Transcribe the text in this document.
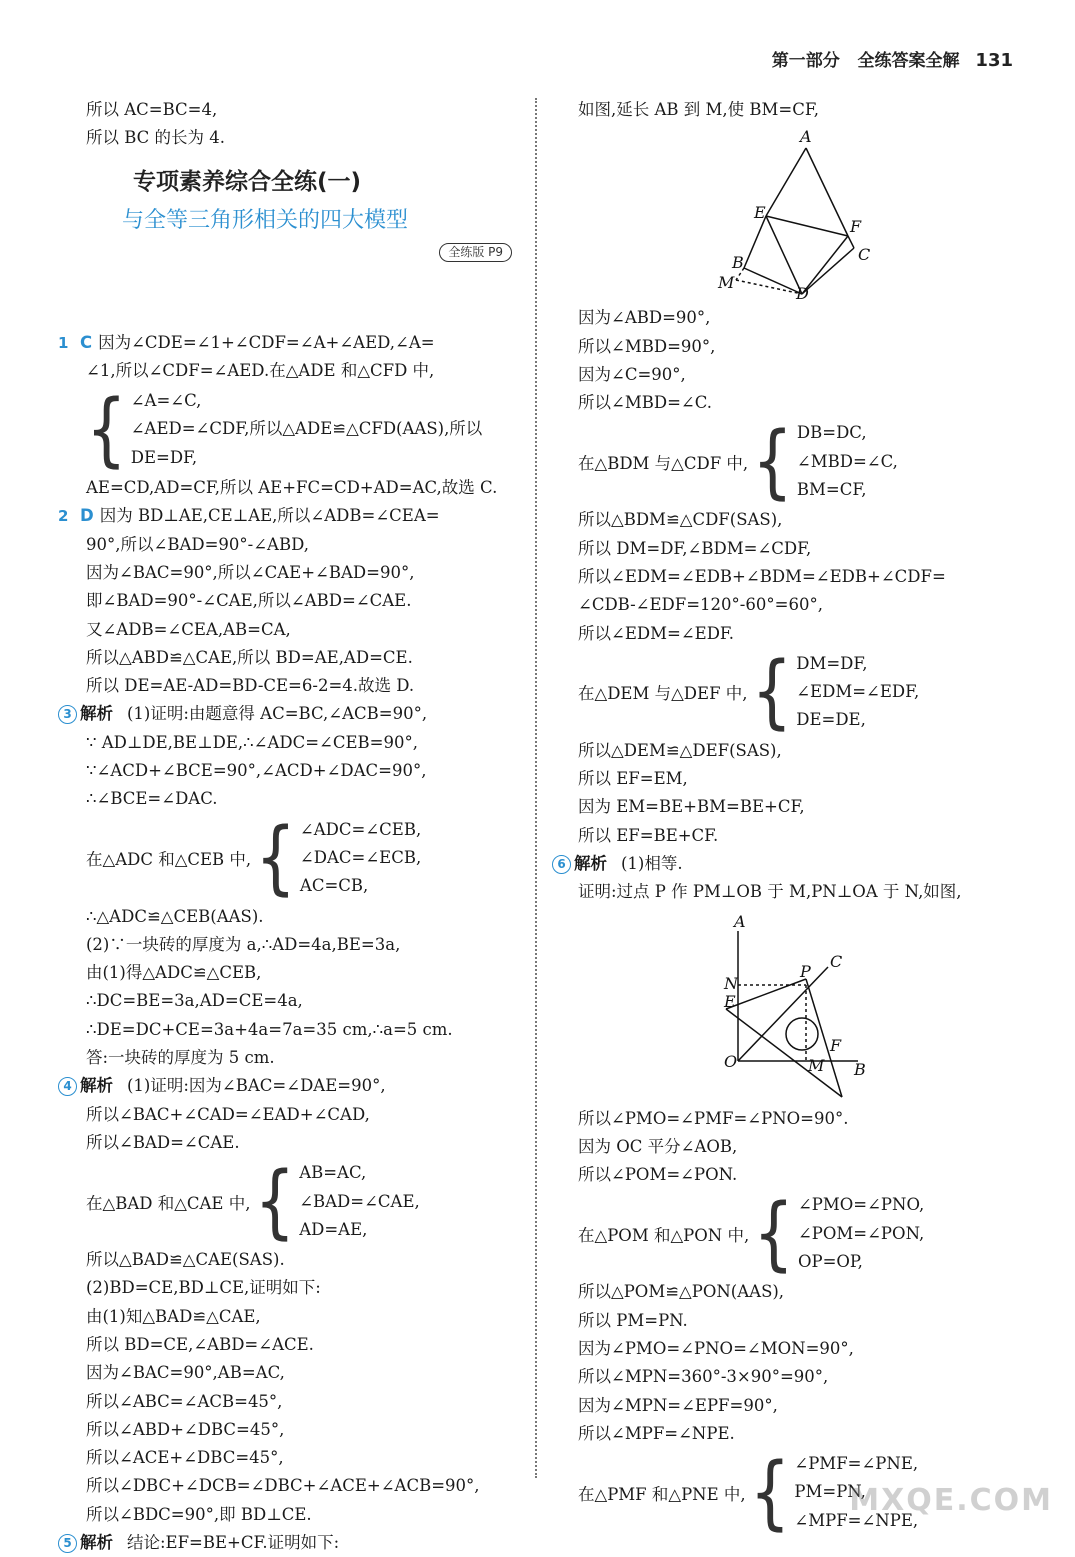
第一部分 全练答案全解 131
所以 AC=BC=4,
所以 BC 的长为 4.
专项素养综合全练(一)
与全等三角形相关的四大模型
全练版 P9
1 C 因为∠CDE=∠1+∠CDF=∠A+∠AED,∠A=
∠1,所以∠CDF=∠AED.在△ADE 和△CFD 中,
{ ∠A=∠C,
∠AED=∠CDF,所以△ADE≌△CFD(AAS),所以
DE=DF,
AE=CD,AD=CF,所以 AE+FC=CD+AD=AC,故选 C.
2 D 因为 BD⊥AE,CE⊥AE,所以∠ADB=∠CEA=
90°,所以∠BAD=90°-∠ABD,
因为∠BAC=90°,所以∠CAE+∠BAD=90°,
即∠BAD=90°-∠CAE,所以∠ABD=∠CAE.
又∠ADB=∠CEA,AB=CA,
所以△ABD≌△CAE,所以 BD=AE,AD=CE.
所以 DE=AE-AD=BD-CE=6-2=4.故选 D.
3 解析 (1)证明:由题意得 AC=BC,∠ACB=90°,
∵ AD⊥DE,BE⊥DE,∴∠ADC=∠CEB=90°,
∵∠ACD+∠BCE=90°,∠ACD+∠DAC=90°,
∴∠BCE=∠DAC.
在△ADC 和△CEB 中, { ∠ADC=∠CEB,
∠DAC=∠ECB,
AC=CB,
∴△ADC≌△CEB(AAS).
(2)∵一块砖的厚度为 a,∴AD=4a,BE=3a,
由(1)得△ADC≌△CEB,
∴DC=BE=3a,AD=CE=4a,
∴DE=DC+CE=3a+4a=7a=35 cm,∴a=5 cm.
答:一块砖的厚度为 5 cm.
4 解析 (1)证明:因为∠BAC=∠DAE=90°,
所以∠BAC+∠CAD=∠EAD+∠CAD,
所以∠BAD=∠CAE.
在△BAD 和△CAE 中, { AB=AC,
∠BAD=∠CAE,
AD=AE,
所以△BAD≌△CAE(SAS).
(2)BD=CE,BD⊥CE,证明如下:
由(1)知△BAD≌△CAE,
所以 BD=CE,∠ABD=∠ACE.
因为∠BAC=90°,AB=AC,
所以∠ABC=∠ACB=45°,
所以∠ABD+∠DBC=45°,
所以∠ACE+∠DBC=45°,
所以∠DBC+∠DCB=∠DBC+∠ACE+∠ACB=90°,
所以∠BDC=90°,即 BD⊥CE.
5 解析 结论:EF=BE+CF.证明如下:
如图,延长 AB 到 M,使 BM=CF,
A
E
F
B	C
M
D
因为∠ABD=90°,
所以∠MBD=90°,
因为∠C=90°,
所以∠MBD=∠C.
在△BDM 与△CDF 中, { DB=DC,
∠MBD=∠C,
BM=CF,
所以△BDM≌△CDF(SAS),
所以 DM=DF,∠BDM=∠CDF,
所以∠EDM=∠EDB+∠BDM=∠EDB+∠CDF=
∠CDB-∠EDF=120°-60°=60°,
所以∠EDM=∠EDF.
在△DEM 与△DEF 中, { DM=DF,
∠EDM=∠EDF,
DE=DE,
所以△DEM≌△DEF(SAS),
所以 EF=EM,
因为 EM=BE+BM=BE+CF,
所以 EF=BE+CF.
6 解析 (1)相等.
证明:过点 P 作 PM⊥OB 于 M,PN⊥OA 于 N,如图,
A
C
N
P
E
F
O	M B
所以∠PMO=∠PMF=∠PNO=90°.
因为 OC 平分∠AOB,
所以∠POM=∠PON.
在△POM 和△PON 中, { ∠PMO=∠PNO,
∠POM=∠PON,
OP=OP,
所以△POM≌△PON(AAS),
所以 PM=PN.
因为∠PMO=∠PNO=∠MON=90°,
所以∠MPN=360°-3×90°=90°,
因为∠MPN=∠EPF=90°,
所以∠MPF=∠NPE.
在△PMF 和△PNE 中, { ∠PMF=∠PNE,
PM=PN,
∠MPF=∠NPE,
MXQE.COM
